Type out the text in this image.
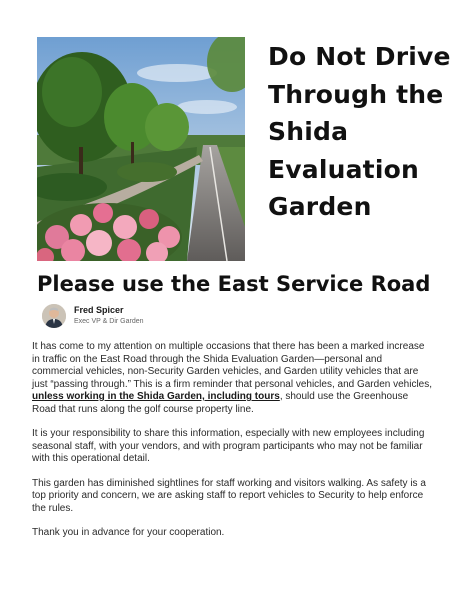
Do Not Drive Through the Shida Evaluation Garden
Please use the East Service Road
Fred Spicer
Exec VP & Dir Garden

It has come to my attention on multiple occasions that there has been a marked increase in traffic on the East Road through the Shida Evaluation Garden—personal and commercial vehicles, non-Security Garden vehicles, and Garden utility vehicles that are just “passing through.” This is a firm reminder that personal vehicles, and Garden vehicles, unless working in the Shida Garden, including tours, should use the Greenhouse Road that runs along the golf course property line.

It is your responsibility to share this information, especially with new employees including seasonal staff, with your vendors, and with program participants who may not be familiar with this operational detail.

This garden has diminished sightlines for staff working and visitors walking. As safety is a top priority and concern, we are asking staff to report vehicles to Security to help enforce the rules.

Thank you in advance for your cooperation.
